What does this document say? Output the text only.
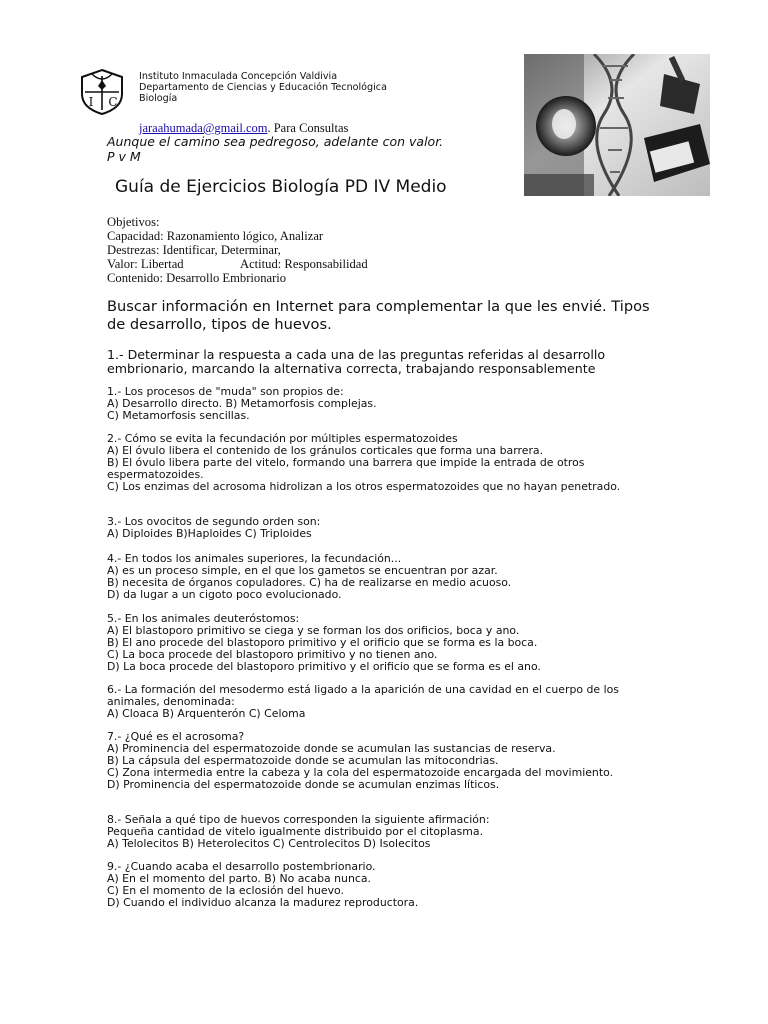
I C
Instituto Inmaculada Concepción Valdivia
Departamento de Ciencias y Educación Tecnológica
Biología
jaraahumada@gmail.com. Para Consultas
Aunque el camino sea pedregoso, adelante con valor.
P v M
Guía de Ejercicios Biología PD IV Medio
Objetivos:
Capacidad: Razonamiento lógico, Analizar
Destrezas: Identificar, Determinar,
Valor: Libertad	Actitud: Responsabilidad
Contenido: Desarrollo Embrionario
Buscar información en Internet para complementar la que les envié. Tipos de desarrollo, tipos de huevos.
1.- Determinar la respuesta a cada una de las preguntas referidas al desarrollo embrionario, marcando la alternativa correcta, trabajando responsablemente
1.- Los procesos de "muda" son propios de:
A) Desarrollo directo. B) Metamorfosis complejas.
C) Metamorfosis sencillas.
2.- Cómo se evita la fecundación por múltiples espermatozoides
A) El óvulo libera el contenido de los gránulos corticales que forma una barrera.
B) El óvulo libera parte del vitelo, formando una barrera que impide la entrada de otros espermatozoides.
C) Los enzimas del acrosoma hidrolizan a los otros espermatozoides que no hayan penetrado.
3.- Los ovocitos de segundo orden son:
A) Diploides B)Haploides C) Triploides
4.- En todos los animales superiores, la fecundación...
A) es un proceso simple, en el que los gametos se encuentran por azar.
B) necesita de órganos copuladores. C) ha de realizarse en medio acuoso.
D) da lugar a un cigoto poco evolucionado.
5.- En los animales deuteróstomos:
A) El blastoporo primitivo se ciega y se forman los dos orificios, boca y ano.
B) El ano procede del blastoporo primitivo y el orificio que se forma es la boca.
C) La boca procede del blastoporo primitivo y no tienen ano.
D) La boca procede del blastoporo primitivo y el orificio que se forma es el ano.
6.- La formación del mesodermo está ligado a la aparición de una cavidad en el cuerpo de los animales, denominada:
A) Cloaca B) Arquenterón C) Celoma
7.- ¿Qué es el acrosoma?
A) Prominencia del espermatozoide donde se acumulan las sustancias de reserva.
B) La cápsula del espermatozoide donde se acumulan las mitocondrias.
C) Zona intermedia entre la cabeza y la cola del espermatozoide encargada del movimiento.
D) Prominencia del espermatozoide donde se acumulan enzimas líticos.
8.- Señala a qué tipo de huevos corresponden la siguiente afirmación:
Pequeña cantidad de vitelo igualmente distribuido por el citoplasma.
A) Telolecitos B) Heterolecitos C) Centrolecitos D) Isolecitos
9.- ¿Cuando acaba el desarrollo postembrionario.
A) En el momento del parto. B) No acaba nunca.
C) En el momento de la eclosión del huevo.
D) Cuando el individuo alcanza la madurez reproductora.
